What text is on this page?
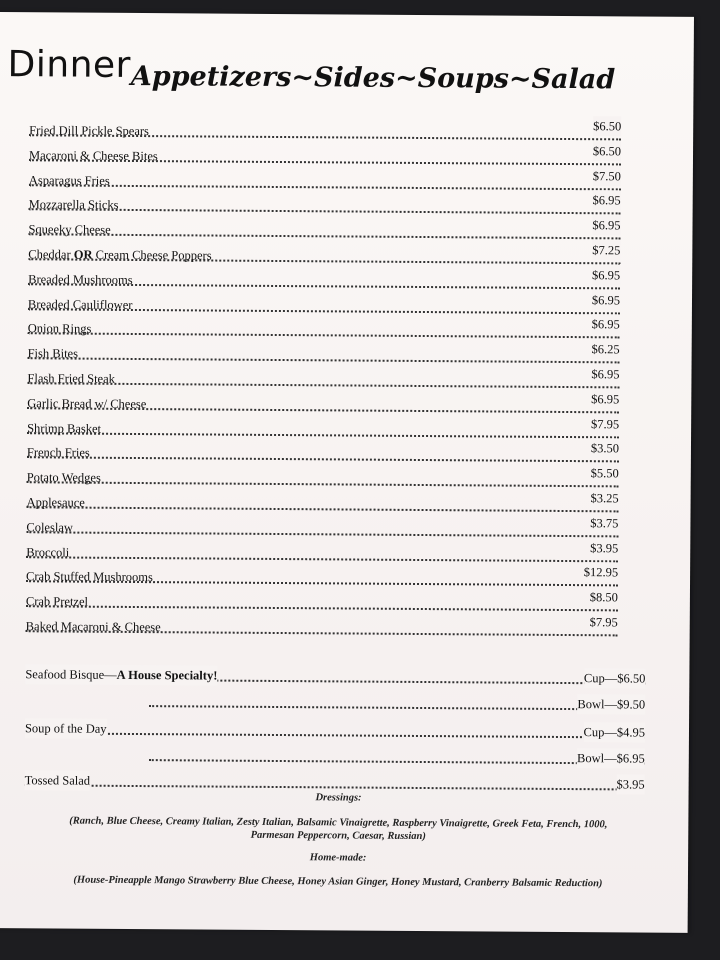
DinnerAppetizers~Sides~Soups~Salad
Fried Dill Pickle Spears	$6.50
Macaroni & Cheese Bites	$6.50
Asparagus Fries	$7.50
Mozzarella Sticks	$6.95
Squeeky Cheese	$6.95
Cheddar OR Cream Cheese Poppers	$7.25
Breaded Mushrooms	$6.95
Breaded Cauliflower	$6.95
Onion Rings	$6.95
Fish Bites	$6.25
Flash Fried Steak	$6.95
Garlic Bread w/ Cheese	$6.95
Shrimp Basket	$7.95
French Fries	$3.50
Potato Wedges	$5.50
Applesauce	$3.25
Coleslaw	$3.75
Broccoli	$3.95
Crab Stuffed Mushrooms	$12.95
Crab Pretzel	$8.50
Baked Macaroni & Cheese	$7.95
Seafood Bisque—A House Specialty!	Cup—$6.50
Bowl—$9.50
Soup of the Day	Cup—$4.95
Bowl—$6.95
Tossed Salad	$3.95
Dressings:
(Ranch, Blue Cheese, Creamy Italian, Zesty Italian, Balsamic Vinaigrette, Raspberry Vinaigrette, Greek Feta, French, 1000, Parmesan Peppercorn, Caesar, Russian)
Home-made:
(House-Pineapple Mango Strawberry Blue Cheese, Honey Asian Ginger, Honey Mustard, Cranberry Balsamic Reduction)
